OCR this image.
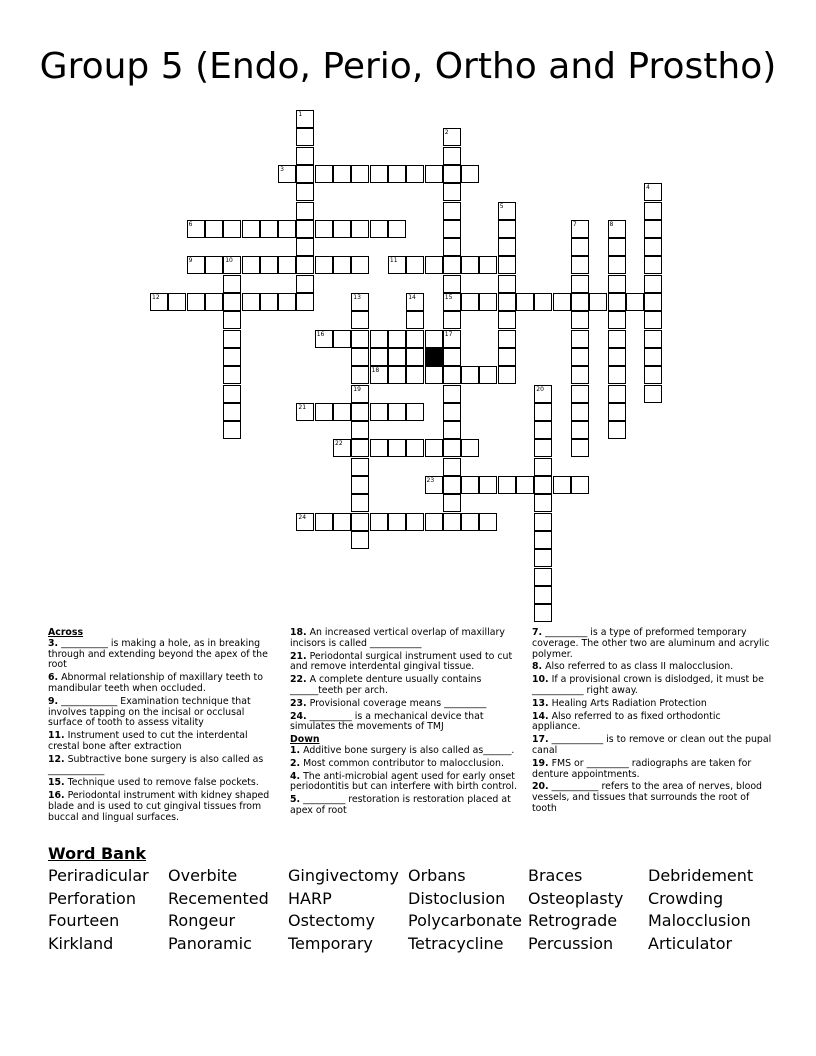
Group 5 (Endo, Perio, Ortho and Prostho)
1
2
15
3
4
5
6	7	8
9	10	11
12	13	14
16	17
18
19	20
21
22
23
24

Across

3. __________ is making a hole, as in breaking through and extending beyond the apex of the root

6. Abnormal relationship of maxillary teeth to mandibular teeth when occluded.

9. ____________ Examination technique that involves tapping on the incisal or occlusal surface of tooth to assess vitality

11. Instrument used to cut the interdental crestal bone after extraction

12. Subtractive bone surgery is also called as ____________

15. Technique used to remove false pockets.

16. Periodontal instrument with kidney shaped blade and is used to cut gingival tissues from buccal and lingual surfaces.

18. An increased vertical overlap of maxillary incisors is called ___________

21. Periodontal surgical instrument used to cut and remove interdental gingival tissue.

22. A complete denture usually contains ______teeth per arch.

23. Provisional coverage means _________

24. _________ is a mechanical device that simulates the movements of TMJ

Down

1. Additive bone surgery is also called as______.

2. Most common contributor to malocclusion.

4. The anti-microbial agent used for early onset periodontitis but can interfere with birth control.

5. _________ restoration is restoration placed at apex of root

7. _________ is a type of preformed temporary coverage. The other two are aluminum and acrylic polymer.

8. Also referred to as class II malocclusion.

10. If a provisional crown is dislodged, it must be ___________ right away.

13. Healing Arts Radiation Protection

14. Also referred to as fixed orthodontic appliance.

17. ___________ is to remove or clean out the pupal canal

19. FMS or _________ radiographs are taken for denture appointments.

20. __________ refers to the area of nerves, blood vessels, and tissues that surrounds the root of tooth

Word Bank
Periradicular Overbite	Gingivectomy Orbans	Braces	Debridement
Perforation Recemented HARP	Distoclusion Osteoplasty Crowding
Fourteen	Rongeur	Ostectomy Polycarbonate Retrograde Malocclusion
Kirkland	Panoramic Temporary Tetracycline Percussion Articulator
